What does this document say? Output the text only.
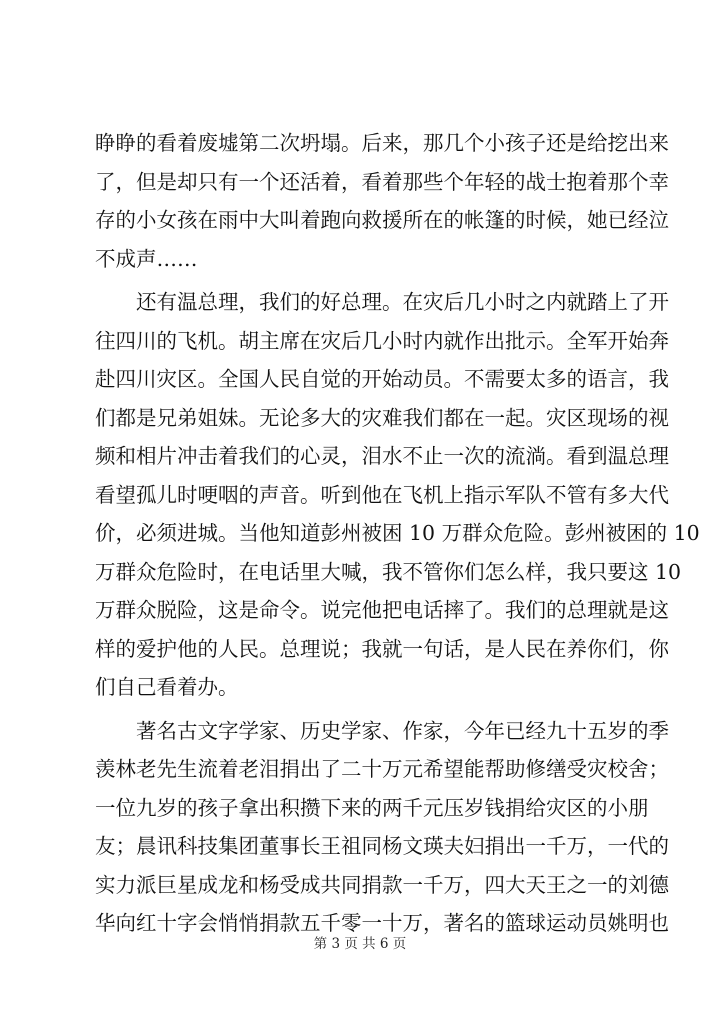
睁睁的看着废墟第二次坍塌。后来，那几个小孩子还是给挖出来
了，但是却只有一个还活着，看着那些个年轻的战士抱着那个幸
存的小女孩在雨中大叫着跑向救援所在的帐篷的时候，她已经泣
不成声……
还有温总理，我们的好总理。在灾后几小时之内就踏上了开
往四川的飞机。胡主席在灾后几小时内就作出批示。全军开始奔
赴四川灾区。全国人民自觉的开始动员。不需要太多的语言，我
们都是兄弟姐妹。无论多大的灾难我们都在一起。灾区现场的视
频和相片冲击着我们的心灵，泪水不止一次的流淌。看到温总理
看望孤儿时哽咽的声音。听到他在飞机上指示军队不管有多大代
价，必须进城。当他知道彭州被困 10 万群众危险。彭州被困的 10
万群众危险时，在电话里大喊，我不管你们怎么样，我只要这 10
万群众脱险，这是命令。说完他把电话摔了。我们的总理就是这
样的爱护他的人民。总理说；我就一句话，是人民在养你们，你
们自己看着办。
著名古文字学家、历史学家、作家，今年已经九十五岁的季
羡林老先生流着老泪捐出了二十万元希望能帮助修缮受灾校舍；
一位九岁的孩子拿出积攒下来的两千元压岁钱捐给灾区的小朋
友；晨讯科技集团董事长王祖同杨文瑛夫妇捐出一千万，一代的
实力派巨星成龙和杨受成共同捐款一千万，四大天王之一的刘德
华向红十字会悄悄捐款五千零一十万，著名的篮球运动员姚明也
第 3 页 共 6 页
